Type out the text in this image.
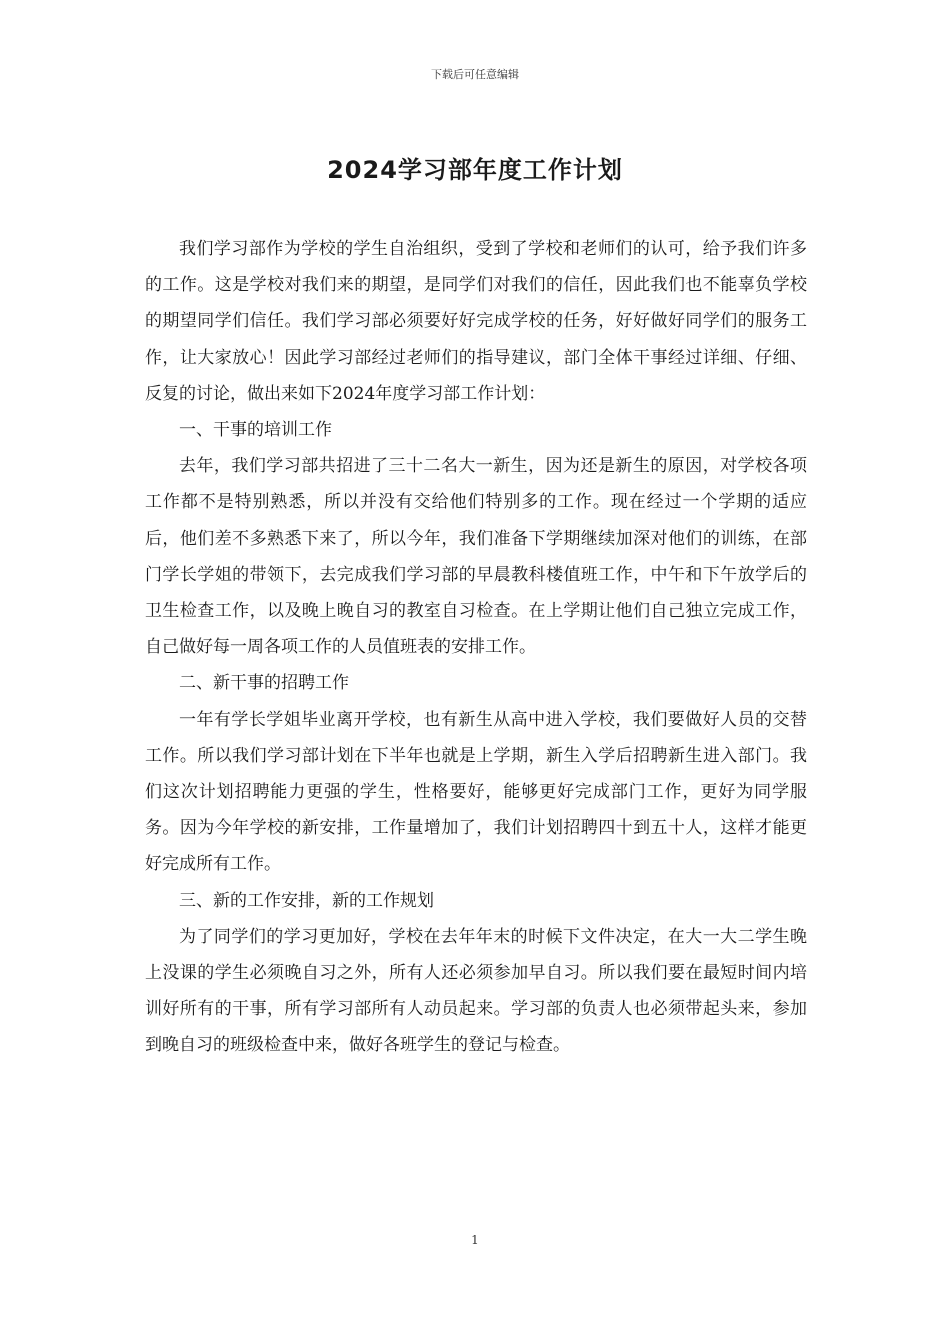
下载后可任意编辑
2024学习部年度工作计划

我们学习部作为学校的学生自治组织，受到了学校和老师们的认可，给予我们许多的工作。这是学校对我们来的期望，是同学们对我们的信任，因此我们也不能辜负学校的期望同学们信任。我们学习部必须要好好完成学校的任务，好好做好同学们的服务工作，让大家放心！因此学习部经过老师们的指导建议，部门全体干事经过详细、仔细、反复的讨论，做出来如下2024年度学习部工作计划：

一、干事的培训工作

去年，我们学习部共招进了三十二名大一新生，因为还是新生的原因，对学校各项工作都不是特别熟悉，所以并没有交给他们特别多的工作。现在经过一个学期的适应后，他们差不多熟悉下来了，所以今年，我们准备下学期继续加深对他们的训练，在部门学长学姐的带领下，去完成我们学习部的早晨教科楼值班工作，中午和下午放学后的卫生检查工作，以及晚上晚自习的教室自习检查。在上学期让他们自己独立完成工作，自己做好每一周各项工作的人员值班表的安排工作。

二、新干事的招聘工作

一年有学长学姐毕业离开学校，也有新生从高中进入学校，我们要做好人员的交替工作。所以我们学习部计划在下半年也就是上学期，新生入学后招聘新生进入部门。我们这次计划招聘能力更强的学生，性格要好，能够更好完成部门工作，更好为同学服务。因为今年学校的新安排，工作量增加了，我们计划招聘四十到五十人，这样才能更好完成所有工作。

三、新的工作安排，新的工作规划

为了同学们的学习更加好，学校在去年年末的时候下文件决定，在大一大二学生晚上没课的学生必须晚自习之外，所有人还必须参加早自习。所以我们要在最短时间内培训好所有的干事，所有学习部所有人动员起来。学习部的负责人也必须带起头来，参加到晚自习的班级检查中来，做好各班学生的登记与检查。

1
